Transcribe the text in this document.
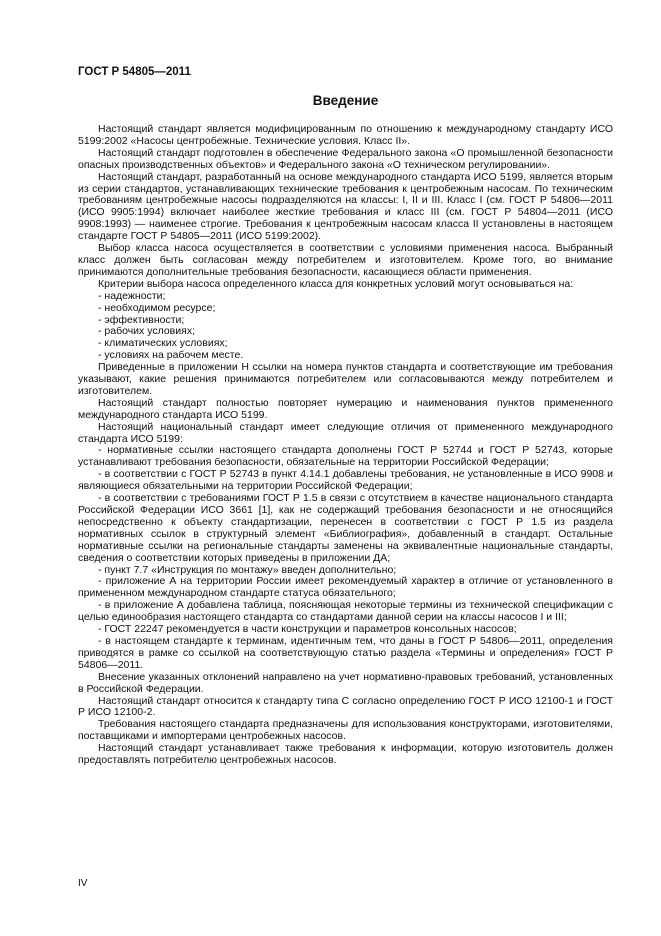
ГОСТ Р 54805—2011

Введение

Настоящий стандарт является модифицированным по отношению к международному стандарту ИСО 5199:2002 «Насосы центробежные. Технические условия. Класс II».

Настоящий стандарт подготовлен в обеспечение Федерального закона «О промышленной безопасности опасных производственных объектов» и Федерального закона «О техническом регулировании».

Настоящий стандарт, разработанный на основе международного стандарта ИСО 5199, является вторым из серии стандартов, устанавливающих технические требования к центробежным насосам. По техническим требованиям центробежные насосы подразделяются на классы: I, II и III. Класс I (см. ГОСТ Р 54806—2011 (ИСО 9905:1994) включает наиболее жесткие требования и класс III (см. ГОСТ Р 54804—2011 (ИСО 9908:1993) — наименее строгие. Требования к центробежным насосам класса II установлены в настоящем стандарте ГОСТ Р 54805—2011 (ИСО 5199:2002).

Выбор класса насоса осуществляется в соответствии с условиями применения насоса. Выбранный класс должен быть согласован между потребителем и изготовителем. Кроме того, во внимание принимаются дополнительные требования безопасности, касающиеся области применения.

Критерии выбора насоса определенного класса для конкретных условий могут основываться на:

- надежности;

- необходимом ресурсе;

- эффективности;

- рабочих условиях;

- климатических условиях;

- условиях на рабочем месте.

Приведенные в приложении Н ссылки на номера пунктов стандарта и соответствующие им требования указывают, какие решения принимаются потребителем или согласовываются между потребителем и изготовителем.

Настоящий стандарт полностью повторяет нумерацию и наименования пунктов примененного международного стандарта ИСО 5199.

Настоящий национальный стандарт имеет следующие отличия от примененного международного стандарта ИСО 5199:

- нормативные ссылки настоящего стандарта дополнены ГОСТ Р 52744 и ГОСТ Р 52743, которые устанавливают требования безопасности, обязательные на территории Российской Федерации;

- в соответствии с ГОСТ Р 52743 в пункт 4.14.1 добавлены требования, не установленные в ИСО 9908 и являющиеся обязательными на территории Российской Федерации;

- в соответствии с требованиями ГОСТ Р 1.5 в связи с отсутствием в качестве национального стандарта Российской Федерации ИСО 3661 [1], как не содержащий требования безопасности и не относящийся непосредственно к объекту стандартизации, перенесен в соответствии с ГОСТ Р 1.5 из раздела нормативных ссылок в структурный элемент «Библиография», добавленный в стандарт. Остальные нормативные ссылки на региональные стандарты заменены на эквивалентные национальные стандарты, сведения о соответствии которых приведены в приложении ДА;

- пункт 7.7 «Инструкция по монтажу» введен дополнительно;

- приложение А на территории России имеет рекомендуемый характер в отличие от установленного в примененном международном стандарте статуса обязательного;

- в приложение А добавлена таблица, поясняющая некоторые термины из технической спецификации с целью единообразия настоящего стандарта со стандартами данной серии на классы насосов I и III;

- ГОСТ 22247 рекомендуется в части конструкции и параметров консольных насосов;

- в настоящем стандарте к терминам, идентичным тем, что даны в ГОСТ Р 54806—2011, определения приводятся в рамке со ссылкой на соответствующую статью раздела «Термины и определения» ГОСТ Р 54806—2011.

Внесение указанных отклонений направлено на учет нормативно-правовых требований, установленных в Российской Федерации.

Настоящий стандарт относится к стандарту типа С согласно определению ГОСТ Р ИСО 12100-1 и ГОСТ Р ИСО 12100-2.

Требования настоящего стандарта предназначены для использования конструкторами, изготовителями, поставщиками и импортерами центробежных насосов.

Настоящий стандарт устанавливает также требования к информации, которую изготовитель должен предоставлять потребителю центробежных насосов.

IV
